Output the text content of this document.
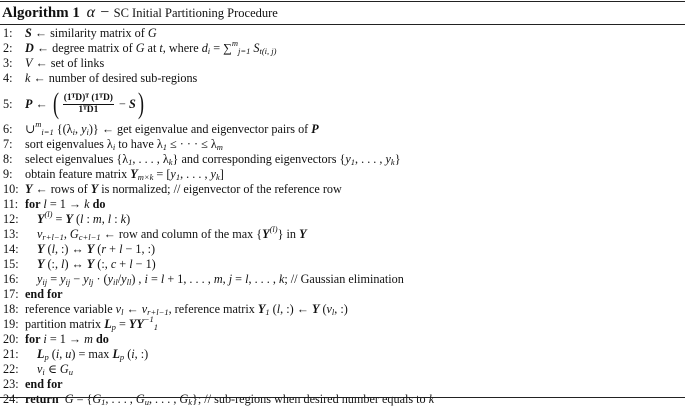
Algorithm 1 α − SC Initial Partitioning Procedure
1:	S ← similarity matrix of G
2:	D ← degree matrix of G at t , where d i = ∑ m
j=1 S t(i, j)
3:	V ← set of links
4:	k ← number of desired sub-regions
5:	P ← ( $\frac{\text{(1ᵀD)ᵀ (1ᵀD)}}{\text{1ᵀD1}} - S$ )
6:	∪ m
i=1 {(λ i , y i )} ← get eigenvalue and eigenvector pairs of P
7:	sort eigenvalues λ i to have λ 1 ≤ · · · ≤ λ m
8:	select eigenvalues {λ 1 , . . . , λ k } and corresponding eigenvectors { y 1 , . . . , y k }
9:	obtain feature matrix Y m×k = [ y 1 , . . . , y k ]
10: Y ← rows of Y is normalized; // eigenvector of the reference row
11: for l = 1 → k do
12:	Y (l) = Y ( l : m , l : k )
13:	v r+l−1 , G c+l−1 ← row and column of the max { Y (l) } in Y
14:	Y ( l , :) ↔ Y ( r + l − 1, :)
15:	Y (:, l ) ↔ Y (:, c + l − 1)
16:	y ij = y ij − y lj · ( y il / y ll ) , i = l + 1, . . . , m , j = l , . . . , k ; // Gaussian elimination
17: end for
18: reference variable v l ← v r+l−1 , reference matrix Y 1 ( l , :) ← Y ( v l , :)
19: partition matrix L p = YY −1
1
20: for i = 1 → m do
21:	L p ( i , u ) = max L p ( i , :)
22:	v i ∈ G u
23: end for
24: return
G = { G 1 , . . . , G u , . . . , G k }; // sub-regions when desired number equals to k
